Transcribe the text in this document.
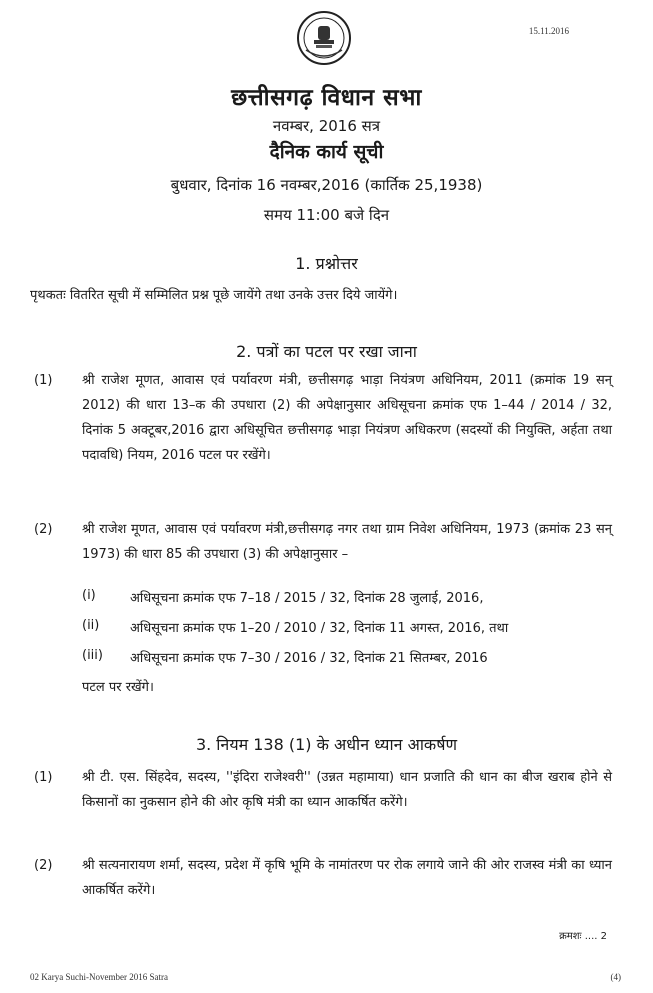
15.11.2016
छत्तीसगढ़ विधान सभा
नवम्बर, 2016 सत्र
दैनिक कार्य सूची
बुधवार, दिनांक 16 नवम्बर,2016 (कार्तिक 25,1938)
समय 11:00 बजे दिन
1. प्रश्नोत्तर
पृथकतः वितरित सूची में सम्मिलित प्रश्न पूछे जायेंगे तथा उनके उत्तर दिये जायेंगे।
2. पत्रों का पटल पर रखा जाना
(1) श्री राजेश मूणत, आवास एवं पर्यावरण मंत्री, छत्तीसगढ़ भाड़ा नियंत्रण अधिनियम, 2011 (क्रमांक 19 सन् 2012) की धारा 13–क की उपधारा (2) की अपेक्षानुसार अधिसूचना क्रमांक एफ 1–44 / 2014 / 32, दिनांक 5 अक्टूबर,2016 द्वारा अधिसूचित छत्तीसगढ़ भाड़ा नियंत्रण अधिकरण (सदस्यों की नियुक्ति, अर्हता तथा पदावधि) नियम, 2016 पटल पर रखेंगे।
(2) श्री राजेश मूणत, आवास एवं पर्यावरण मंत्री,छत्तीसगढ़ नगर तथा ग्राम निवेश अधिनियम, 1973 (क्रमांक 23 सन् 1973) की धारा 85 की उपधारा (3) की अपेक्षानुसार –
(i)	अधिसूचना क्रमांक एफ 7–18 / 2015 / 32, दिनांक 28 जुलाई, 2016,
(ii) अधिसूचना क्रमांक एफ 1–20 / 2010 / 32, दिनांक 11 अगस्त, 2016, तथा
(iii) अधिसूचना क्रमांक एफ 7–30 / 2016 / 32, दिनांक 21 सितम्बर, 2016
पटल पर रखेंगे।
3. नियम 138 (1) के अधीन ध्यान आकर्षण
(1) श्री टी. एस. सिंहदेव, सदस्य, ''इंदिरा राजेश्वरी'' (उन्नत महामाया) धान प्रजाति की धान का बीज खराब होने से किसानों का नुकसान होने की ओर कृषि मंत्री का ध्यान आकर्षित करेंगे।
(2) श्री सत्यनारायण शर्मा, सदस्य, प्रदेश में कृषि भूमि के नामांतरण पर रोक लगाये जाने की ओर राजस्व मंत्री का ध्यान आकर्षित करेंगे।
क्रमशः .... 2
02 Karya Suchi-November 2016 Satra	(4)
